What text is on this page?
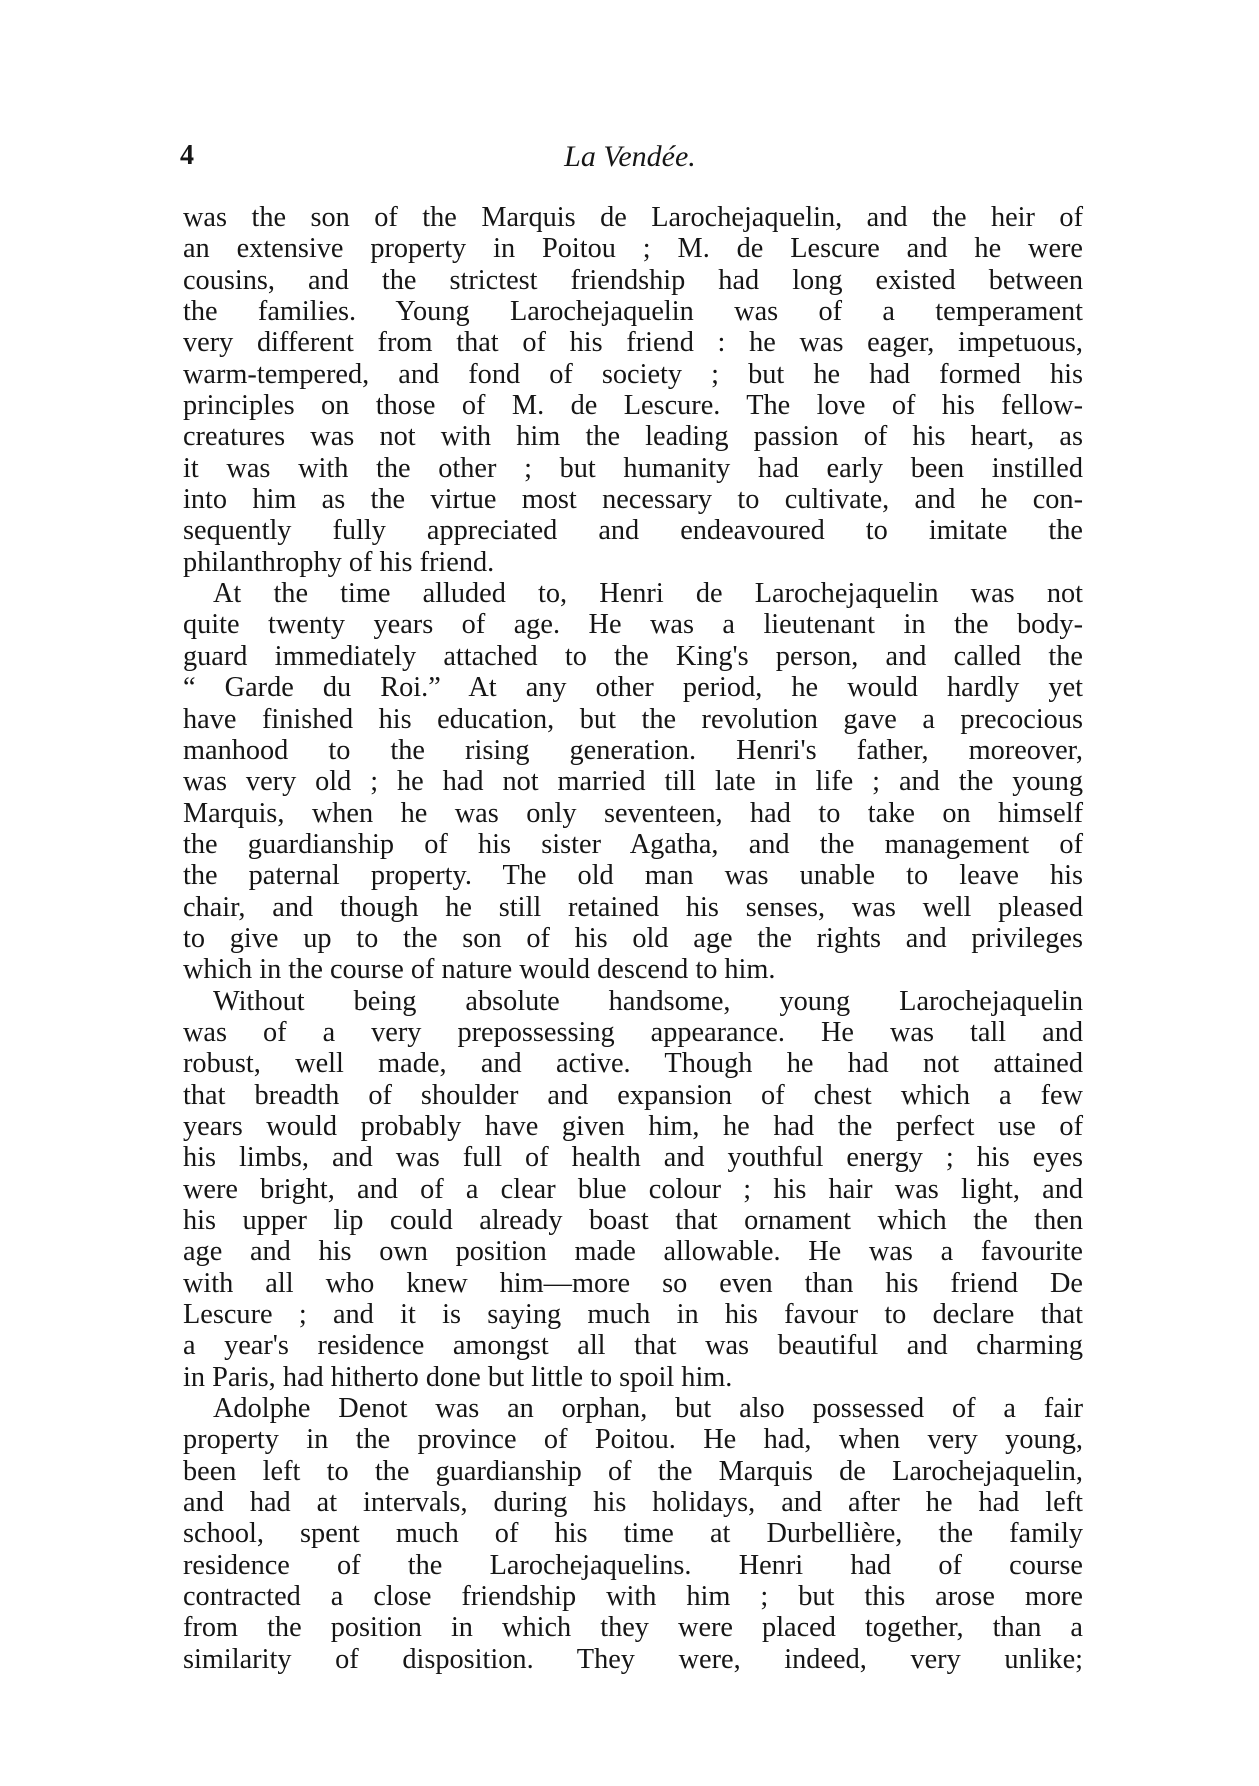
4	La Vendée.
was the son of the Marquis de Larochejaquelin, and the heir of
an extensive property in Poitou ; M. de Lescure and he were
cousins, and the strictest friendship had long existed between
the families. Young Larochejaquelin was of a temperament
very different from that of his friend : he was eager, impetuous,
warm-tempered, and fond of society ; but he had formed his
principles on those of M. de Lescure. The love of his fellow-
creatures was not with him the leading passion of his heart, as
it was with the other ; but humanity had early been instilled
into him as the virtue most necessary to cultivate, and he con-
sequently fully appreciated and endeavoured to imitate the
philanthrophy of his friend.
At the time alluded to, Henri de Larochejaquelin was not
quite twenty years of age. He was a lieutenant in the body-
guard immediately attached to the King's person, and called the
“ Garde du Roi.” At any other period, he would hardly yet
have finished his education, but the revolution gave a precocious
manhood to the rising generation. Henri's father, moreover,
was very old ; he had not married till late in life ; and the young
Marquis, when he was only seventeen, had to take on himself
the guardianship of his sister Agatha, and the management of
the paternal property. The old man was unable to leave his
chair, and though he still retained his senses, was well pleased
to give up to the son of his old age the rights and privileges
which in the course of nature would descend to him.
Without being absolute handsome, young Larochejaquelin
was of a very prepossessing appearance. He was tall and
robust, well made, and active. Though he had not attained
that breadth of shoulder and expansion of chest which a few
years would probably have given him, he had the perfect use of
his limbs, and was full of health and youthful energy ; his eyes
were bright, and of a clear blue colour ; his hair was light, and
his upper lip could already boast that ornament which the then
age and his own position made allowable. He was a favourite
with all who knew him—more so even than his friend De
Lescure ; and it is saying much in his favour to declare that
a year's residence amongst all that was beautiful and charming
in Paris, had hitherto done but little to spoil him.
Adolphe Denot was an orphan, but also possessed of a fair
property in the province of Poitou. He had, when very young,
been left to the guardianship of the Marquis de Larochejaquelin,
and had at intervals, during his holidays, and after he had left
school, spent much of his time at Durbellière, the family
residence of the Larochejaquelins. Henri had of course
contracted a close friendship with him ; but this arose more
from the position in which they were placed together, than a
similarity of disposition. They were, indeed, very unlike;
